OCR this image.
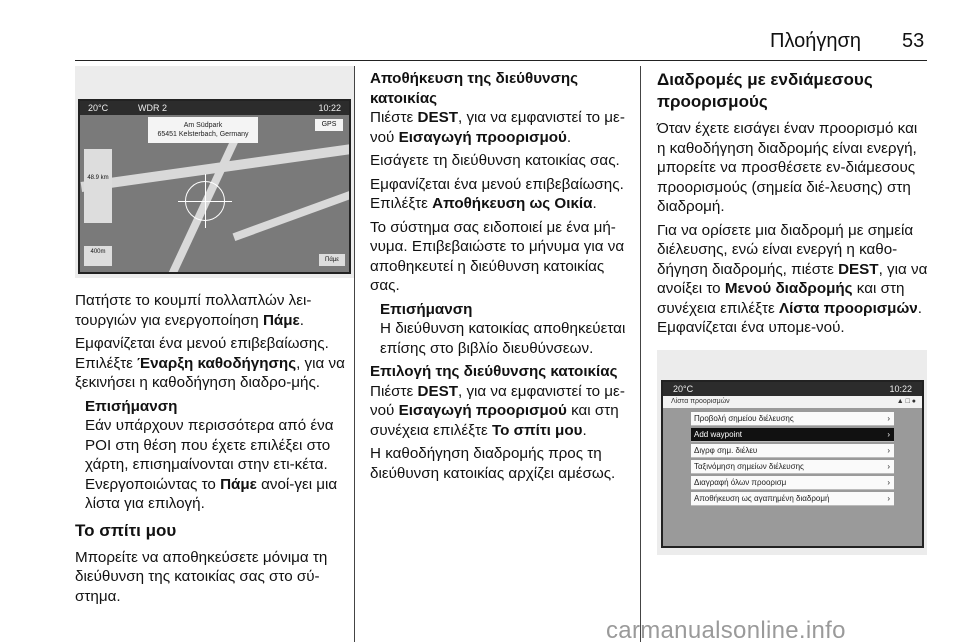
Πλοήγηση 53
20°C	WDR 2	10:22
Am Südpark
65451 Kelsterbach, Germany
GPS
48.9 km
400m
Πάμε

Πατήστε το κουμπί πολλαπλών λει-τουργιών για ενεργοποίηση Πάμε.

Εμφανίζεται ένα μενού επιβεβαίωσης. Επιλέξτε Έναρξη καθοδήγησης, για να ξεκινήσει η καθοδήγηση διαδρο-μής.

Επισήμανση
Εάν υπάρχουν περισσότερα από ένα POI στη θέση που έχετε επιλέξει στο χάρτη, επισημαίνονται στην ετι-κέτα. Ενεργοποιώντας το Πάμε ανοί-γει μια λίστα για επιλογή.
Το σπίτι μου

Μπορείτε να αποθηκεύσετε μόνιμα τη διεύθυνση της κατοικίας σας στο σύ-στημα.

Αποθήκευση της διεύθυνσης κατοικίας

Πιέστε DEST, για να εμφανιστεί το με-νού Εισαγωγή προορισμού.

Εισάγετε τη διεύθυνση κατοικίας σας.

Εμφανίζεται ένα μενού επιβεβαίωσης. Επιλέξτε Αποθήκευση ως Οικία.

Το σύστημα σας ειδοποιεί με ένα μή-νυμα. Επιβεβαιώστε το μήνυμα για να αποθηκευτεί η διεύθυνση κατοικίας σας.

Επισήμανση
Η διεύθυνση κατοικίας αποθηκεύεται επίσης στο βιβλίο διευθύνσεων.
Επιλογή της διεύθυνσης κατοικίας

Πιέστε DEST, για να εμφανιστεί το με-νού Εισαγωγή προορισμού και στη συνέχεια επιλέξτε Το σπίτι μου.

Η καθοδήγηση διαδρομής προς τη διεύθυνση κατοικίας αρχίζει αμέσως.

Διαδρομές με ενδιάμεσους προορισμούς

Όταν έχετε εισάγει έναν προορισμό και η καθοδήγηση διαδρομής είναι ενεργή, μπορείτε να προσθέσετε εν-διάμεσους προορισμούς (σημεία διέ-λευσης) στη διαδρομή.

Για να ορίσετε μια διαδρομή με σημεία διέλευσης, ενώ είναι ενεργή η καθο-δήγηση διαδρομής, πιέστε DEST, για να ανοίξει το Μενού διαδρομής και στη συνέχεια επιλέξτε Λίστα προορισμών. Εμφανίζεται ένα υπομε-νού.

20°C	10:22
Λίστα προορισμών	▲ □ ●
Προβολή σημείου διέλευσης	›
Add waypoint	›
Διγρφ σημ. διέλευ	›
Ταξινόμηση σημείων διέλευσης	›
Διαγραφή όλων προορισμ	›
Αποθήκευση ως αγαπημένη διαδρομή	›
carmanualsonline.info
